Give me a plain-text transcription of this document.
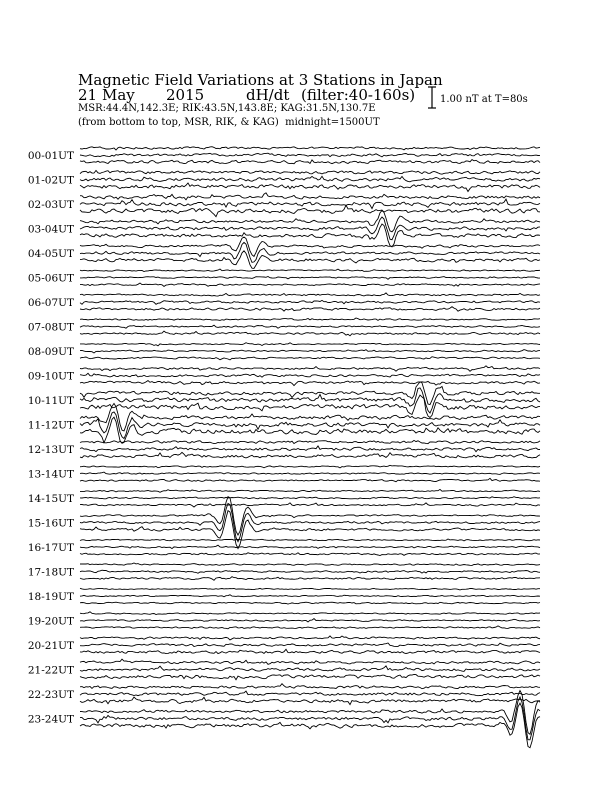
Magnetic Field Variations at 3 Stations in Japan
21 May 2015	dH/dt (filter:40-160s)
MSR:44.4N,142.3E; RIK:43.5N,143.8E; KAG:31.5N,130.7E
(from bottom to top, MSR, RIK, & KAG) midnight=1500UT
1.00 nT at T=80s
00-01UT
01-02UT
02-03UT
03-04UT
04-05UT
05-06UT
06-07UT
07-08UT
08-09UT
09-10UT
10-11UT
11-12UT
12-13UT
13-14UT
14-15UT
15-16UT
16-17UT
17-18UT
18-19UT
19-20UT
20-21UT
21-22UT
22-23UT
23-24UT
